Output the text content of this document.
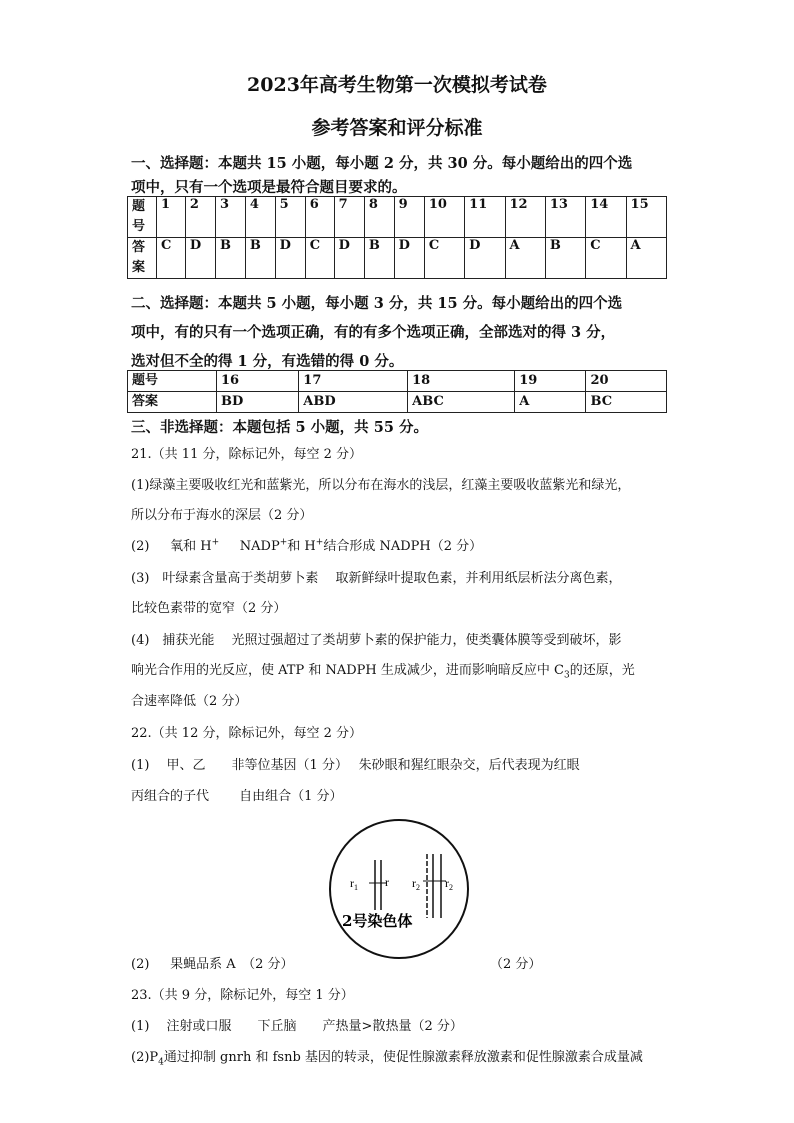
2023年高考生物第一次模拟考试卷
参考答案和评分标准
一、选择题：本题共 15 小题，每小题 2 分，共 30 分。每小题给出的四个选
项中，只有一个选项是最符合题目要求的。
题号	1	2	3	4	5	6	7	8	9	10	11	12	13	14	15
答案	C	D	B	B	D	C	D	B	D	C	D	A	B	C	A
二、选择题：本题共 5 小题，每小题 3 分，共 15 分。每小题给出的四个选
项中，有的只有一个选项正确，有的有多个选项正确，全部选对的得 3 分，
选对但不全的得 1 分，有选错的得 0 分。
题号	16	17	18	19	20
答案	BD	ABD	ABC	A	BC
三、非选择题：本题包括 5 小题，共 55 分。
21.（共 11 分，除标记外，每空 2 分）
(1)绿藻主要吸收红光和蓝紫光，所以分布在海水的浅层，红藻主要吸收蓝紫光和绿光，
所以分布于海水的深层（2 分）
(2) 氧和 H+ NADP+和 H+结合形成 NADPH（2 分）
(3)　叶绿素含量高于类胡萝卜素　 取新鲜绿叶提取色素，并利用纸层析法分离色素，
比较色素带的宽窄（2 分）
(4)　捕获光能　 光照过强超过了类胡萝卜素的保护能力，使类囊体膜等受到破坏，影
响光合作用的光反应，使 ATP 和 NADPH 生成减少，进而影响暗反应中 $C_3$的还原，光
合速率降低（2 分）
22.（共 12 分，除标记外，每空 2 分）
(1)　 甲、乙　　非等位基因（1 分）　 朱砂眼和猩红眼杂交，后代表现为红眼
丙组合的子代　　 自由组合（1 分）
$r_1$ r $r_2$ $r_2$
2号染色体
(2) 果蝇品系 A　（2 分）	（2 分）
23.（共 9 分，除标记外，每空 1 分）
(1)　 注射或口服　　下丘脑　　产热量>散热量（2 分）
$(2)P_4$通过抑制 gnrh 和 fsnb 基因的转录，使促性腺激素释放激素和促性腺激素合成量减
